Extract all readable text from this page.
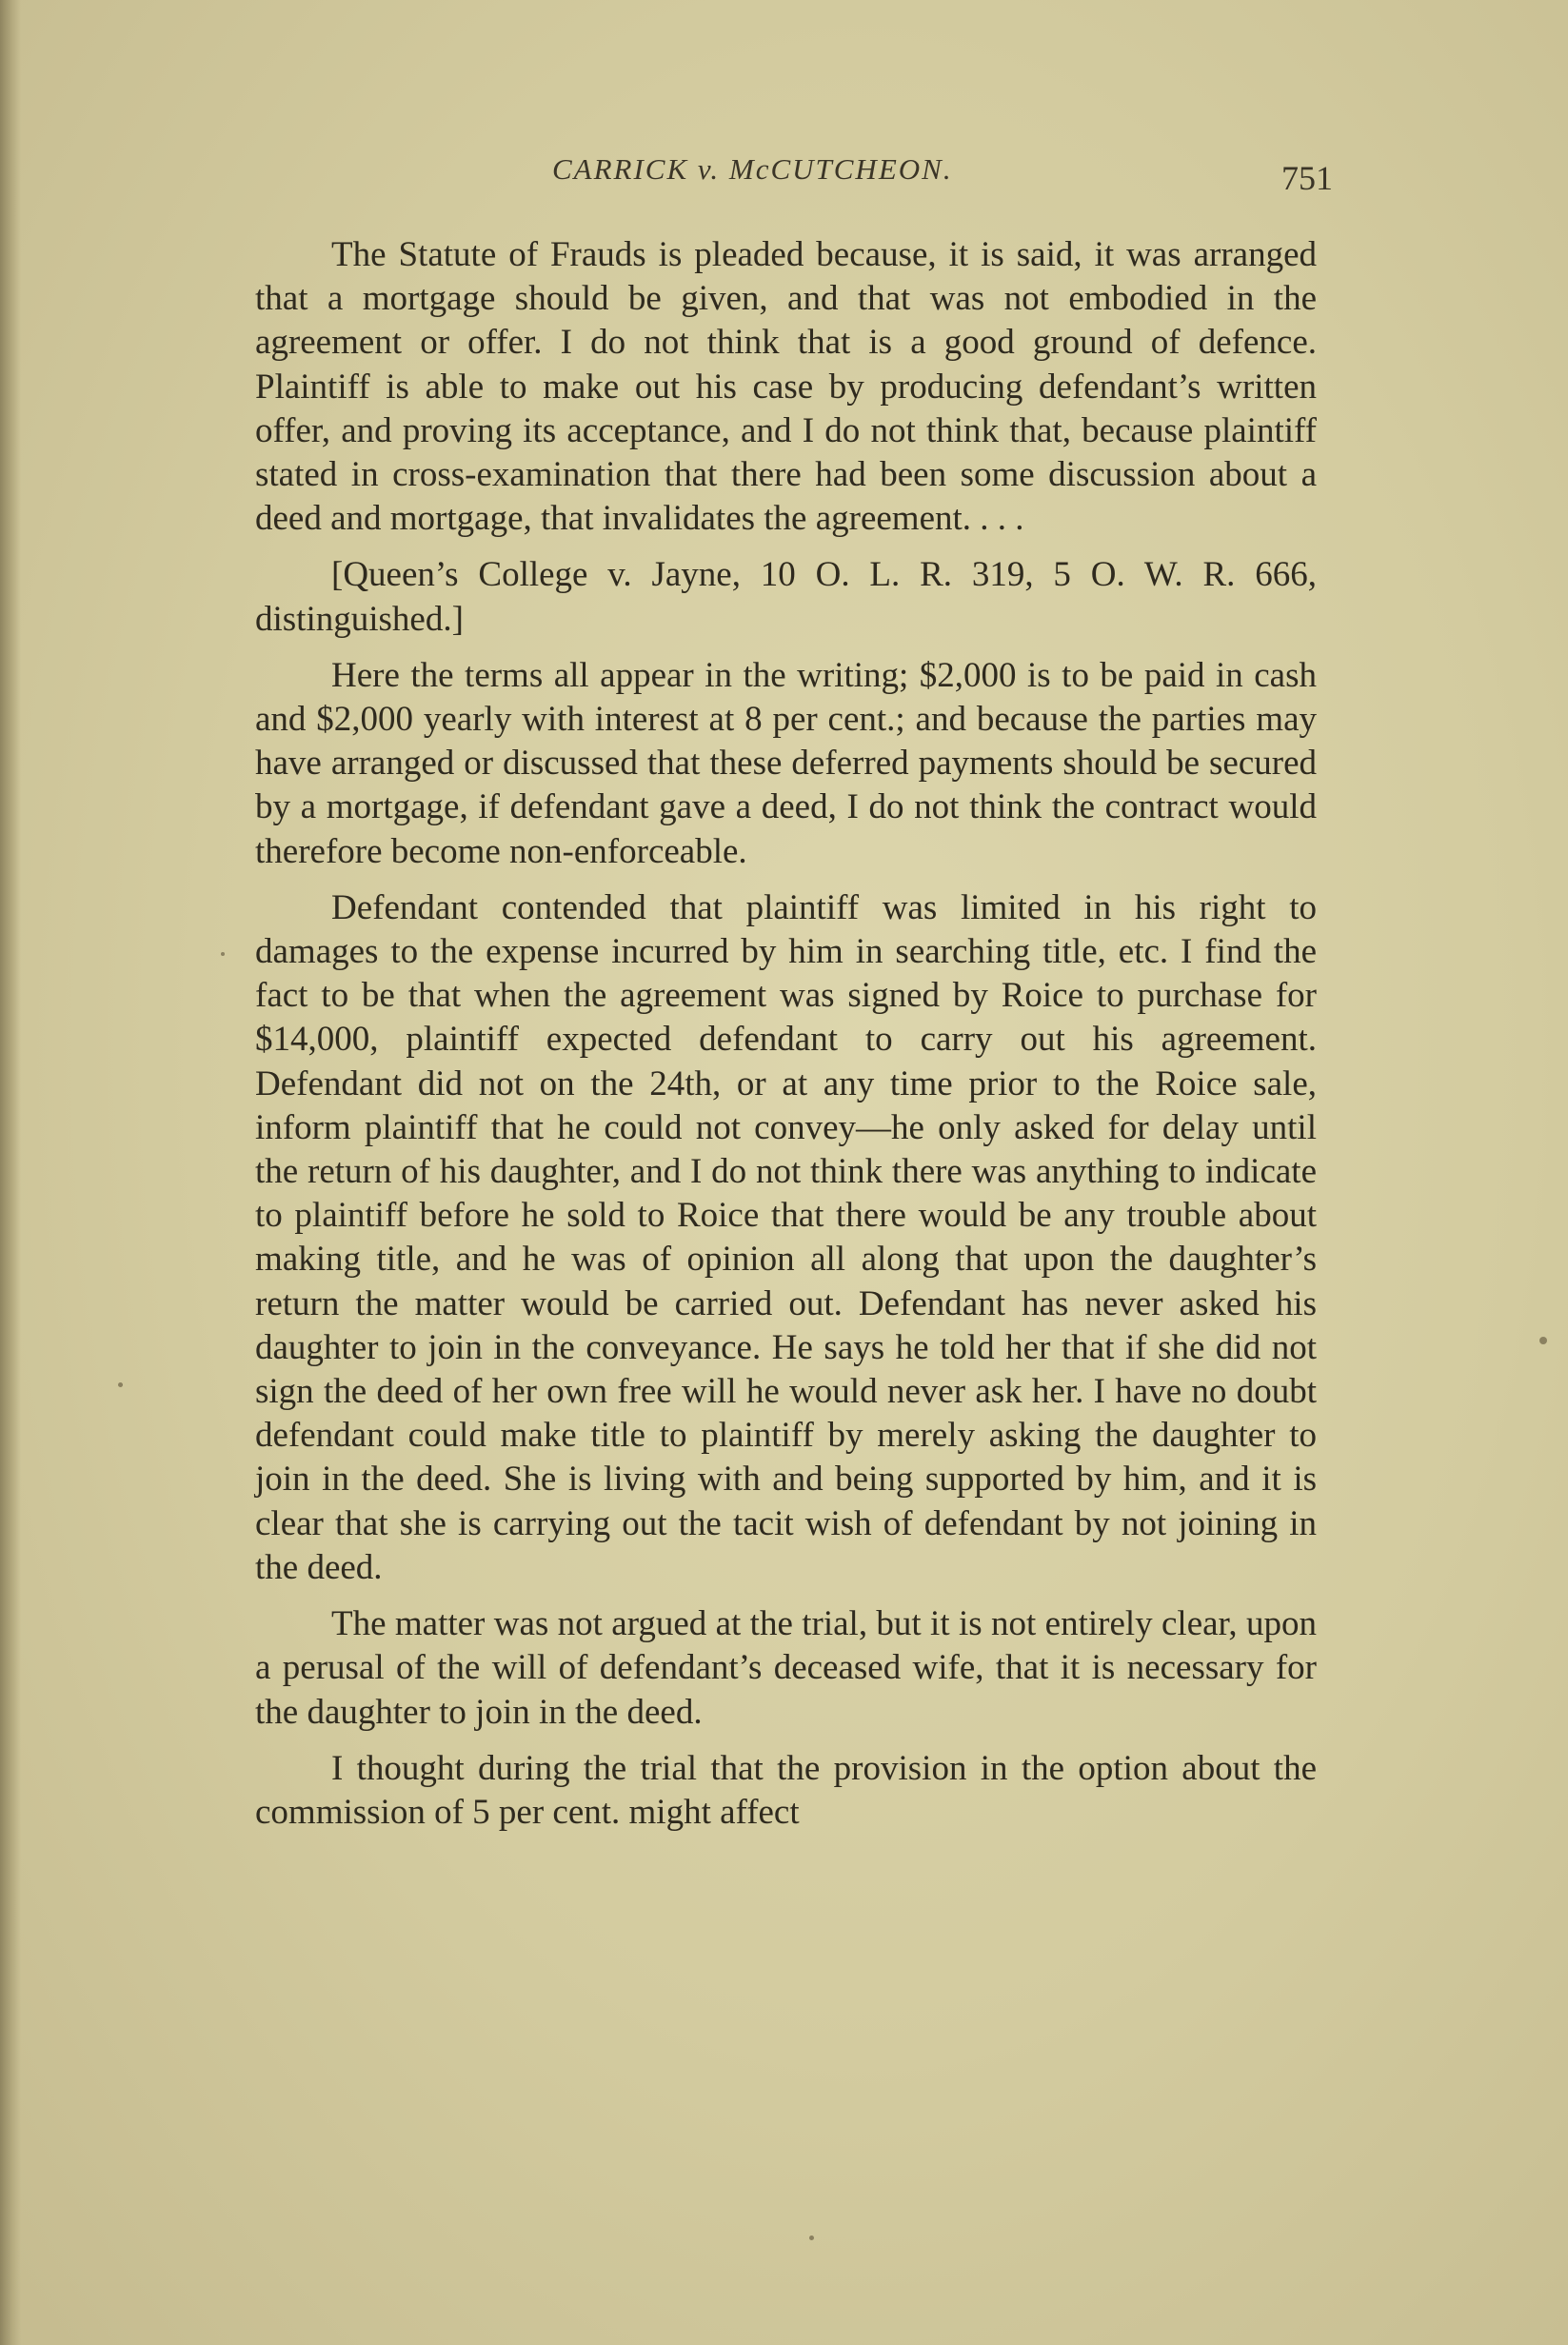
CARRICK v. McCUTCHEON.	751

The Statute of Frauds is pleaded because, it is said, it was arranged that a mortgage should be given, and that was not embodied in the agreement or offer. I do not think that is a good ground of defence. Plaintiff is able to make out his case by producing defendant’s written offer, and proving its acceptance, and I do not think that, because plaintiff stated in cross-examination that there had been some discussion about a deed and mortgage, that invalidates the agreement. . . .

[Queen’s College v. Jayne, 10 O. L. R. 319, 5 O. W. R. 666, distinguished.]

Here the terms all appear in the writing; $2,000 is to be paid in cash and $2,000 yearly with interest at 8 per cent.; and because the parties may have arranged or discussed that these deferred payments should be secured by a mortgage, if defendant gave a deed, I do not think the contract would therefore become non-enforceable.

Defendant contended that plaintiff was limited in his right to damages to the expense incurred by him in searching title, etc. I find the fact to be that when the agreement was signed by Roice to purchase for $14,000, plaintiff expected defendant to carry out his agreement. Defendant did not on the 24th, or at any time prior to the Roice sale, inform plaintiff that he could not convey—he only asked for delay until the return of his daughter, and I do not think there was anything to indicate to plaintiff before he sold to Roice that there would be any trouble about making title, and he was of opinion all along that upon the daughter’s return the matter would be carried out. Defendant has never asked his daughter to join in the conveyance. He says he told her that if she did not sign the deed of her own free will he would never ask her. I have no doubt defendant could make title to plaintiff by merely asking the daughter to join in the deed. She is living with and being supported by him, and it is clear that she is carrying out the tacit wish of defendant by not joining in the deed.

The matter was not argued at the trial, but it is not entirely clear, upon a perusal of the will of defendant’s deceased wife, that it is necessary for the daughter to join in the deed.

I thought during the trial that the provision in the option about the commission of 5 per cent. might affect
